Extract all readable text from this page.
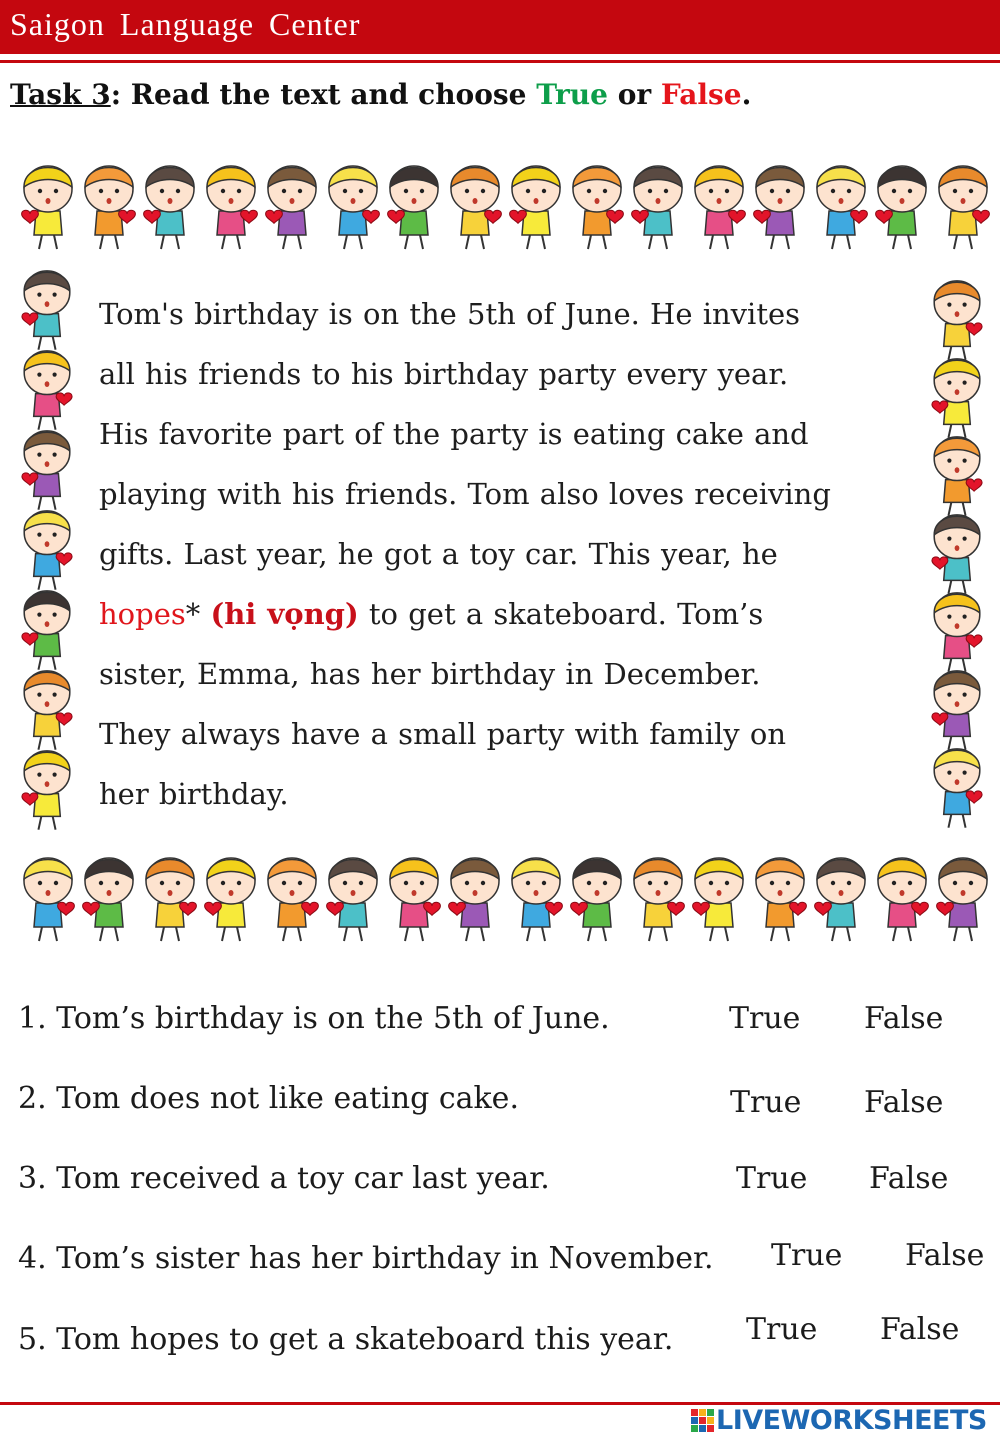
Saigon Language Center
Task 3: Read the text and choose True or False.
Tom's birthday is on the 5th of June. He invites
all his friends to his birthday party every year.
His favorite part of the party is eating cake and
playing with his friends. Tom also loves receiving
gifts. Last year, he got a toy car. This year, he
hopes* (hi vọng) to get a skateboard. Tom’s
sister, Emma, has her birthday in December.
They always have a small party with family on
her birthday.
1. Tom’s birthday is on the 5th of June.	True False
2. Tom does not like eating cake.	True False
3. Tom received a toy car last year.	True False
4. Tom’s sister has her birthday in November. True False
5. Tom hopes to get a skateboard this year. True False
LIVEWORKSHEETS
